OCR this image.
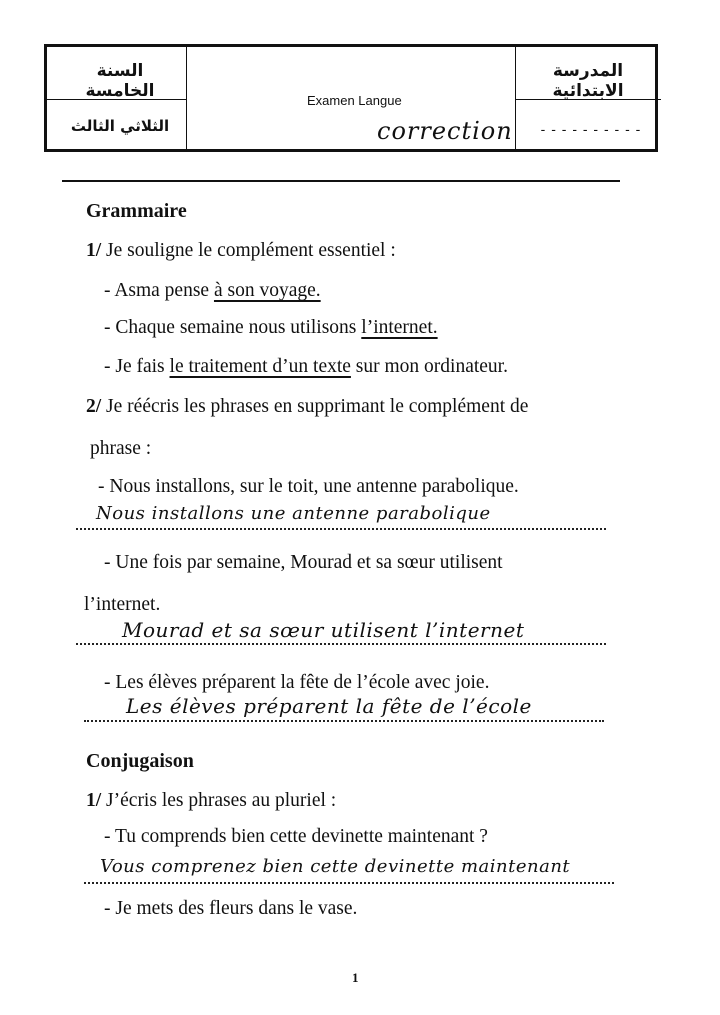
السنة الخامسة
الثلاثي الثالث
Examen Langue
correction
المدرسة الابتدائية
- - - - - - - - - -
Grammaire
1/ Je souligne le complément essentiel :
- Asma pense à son voyage.
- Chaque semaine nous utilisons l’internet.
- Je fais le traitement d’un texte sur mon ordinateur.
2/ Je réécris les phrases en supprimant le complément de
phrase :
- Nous installons, sur le toit, une antenne parabolique.
Nous installons une antenne parabolique
- Une fois par semaine, Mourad et sa sœur utilisent
l’internet.
Mourad et sa sœur utilisent l’internet
- Les élèves préparent la fête de l’école avec joie.
Les élèves préparent la fête de l’école
Conjugaison
1/ J’écris les phrases au pluriel :
- Tu comprends bien cette devinette maintenant ?
Vous comprenez bien cette devinette maintenant
- Je mets des fleurs dans le vase.
1
